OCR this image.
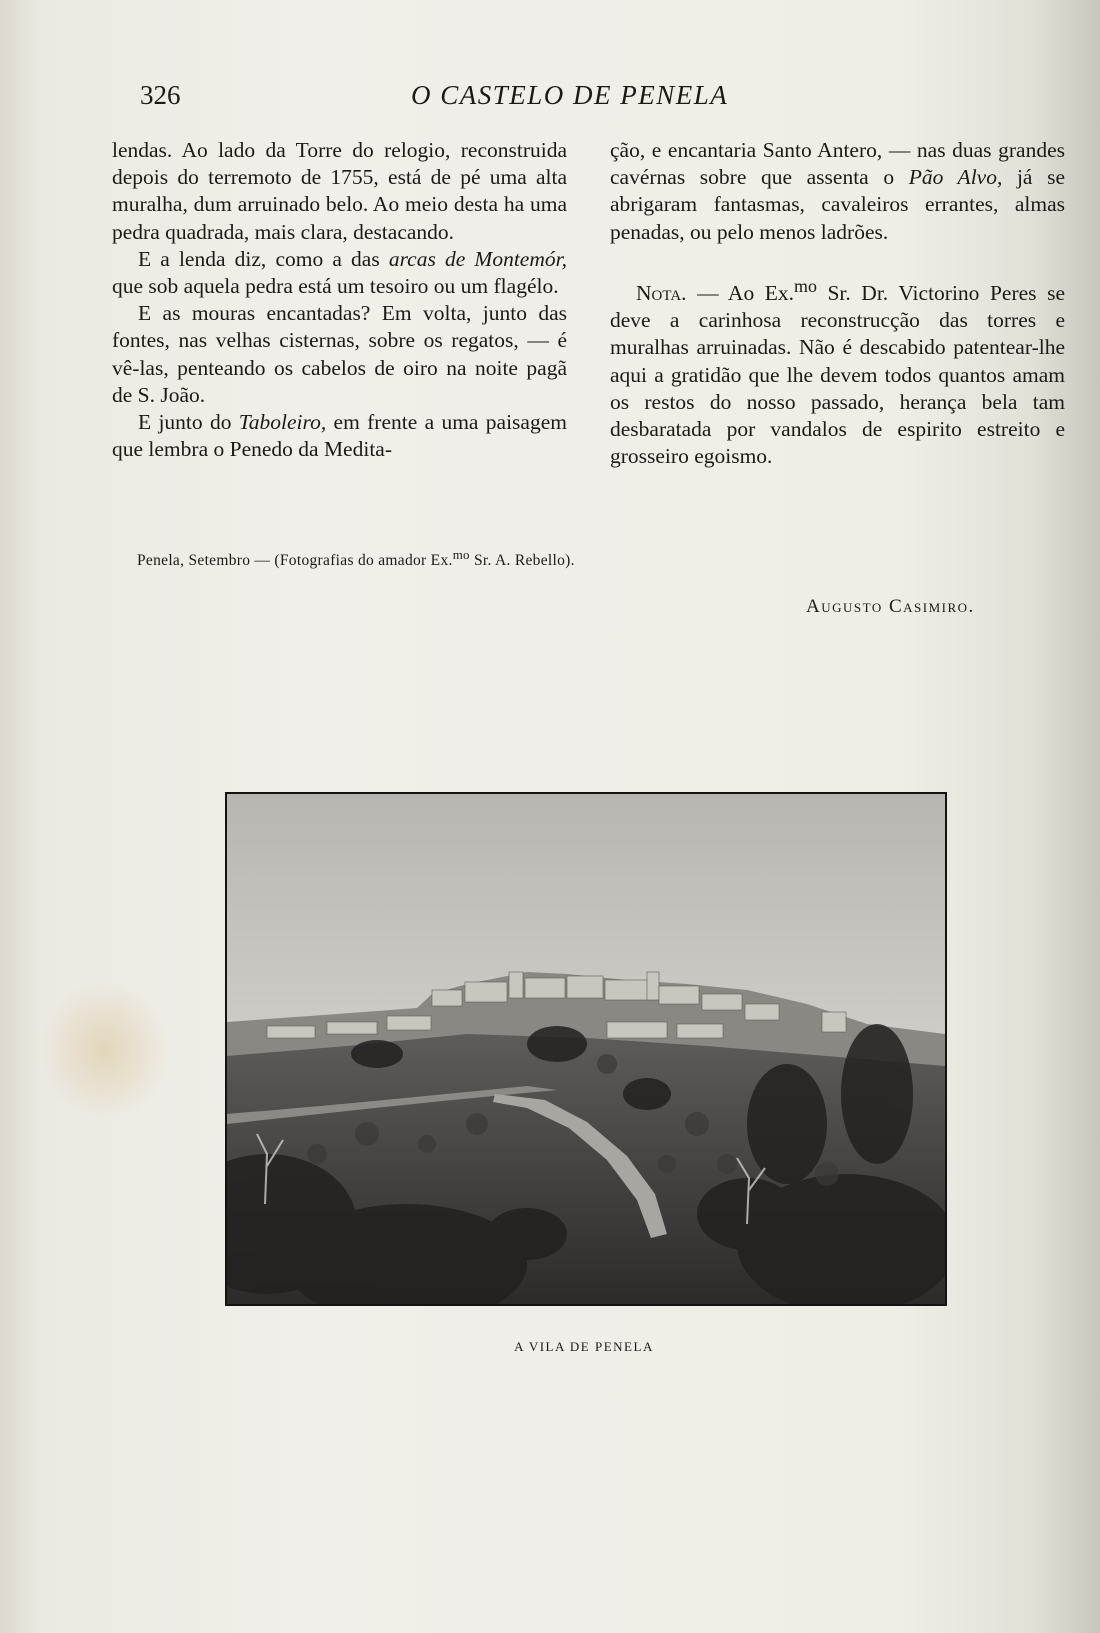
326	O CASTELO DE PENELA

lendas. Ao lado da Torre do relogio, reconstruida depois do terremoto de 1755, está de pé uma alta muralha, dum arruinado belo. Ao meio desta ha uma pedra quadrada, mais clara, destacando.

E a lenda diz, como a das arcas de Montemór, que sob aquela pedra está um tesoiro ou um flagélo.

E as mouras encantadas? Em volta, junto das fontes, nas velhas cisternas, sobre os regatos, — é vê-las, penteando os cabelos de oiro na noite pagã de S. João.

E junto do Taboleiro, em frente a uma paisagem que lembra o Penedo da Medita-

ção, e encantaria Santo Antero, — nas duas grandes cavérnas sobre que assenta o Pão Alvo, já se abrigaram fantasmas, cavaleiros errantes, almas penadas, ou pelo menos ladrões.

Nota. — Ao Ex.$^{mo}$ Sr. Dr. Victorino Peres se deve a carinhosa reconstrucção das torres e muralhas arruinadas. Não é descabido patentear-lhe aqui a gratidão que lhe devem todos quantos amam os restos do nosso passado, herança bela tam desbaratada por vandalos de espirito estreito e grosseiro egoismo.

Penela, Setembro — (Fotografias do amador Ex.$^{mo}$ Sr. A. Rebello).
Augusto Casimiro.
A VILA DE PENELA
